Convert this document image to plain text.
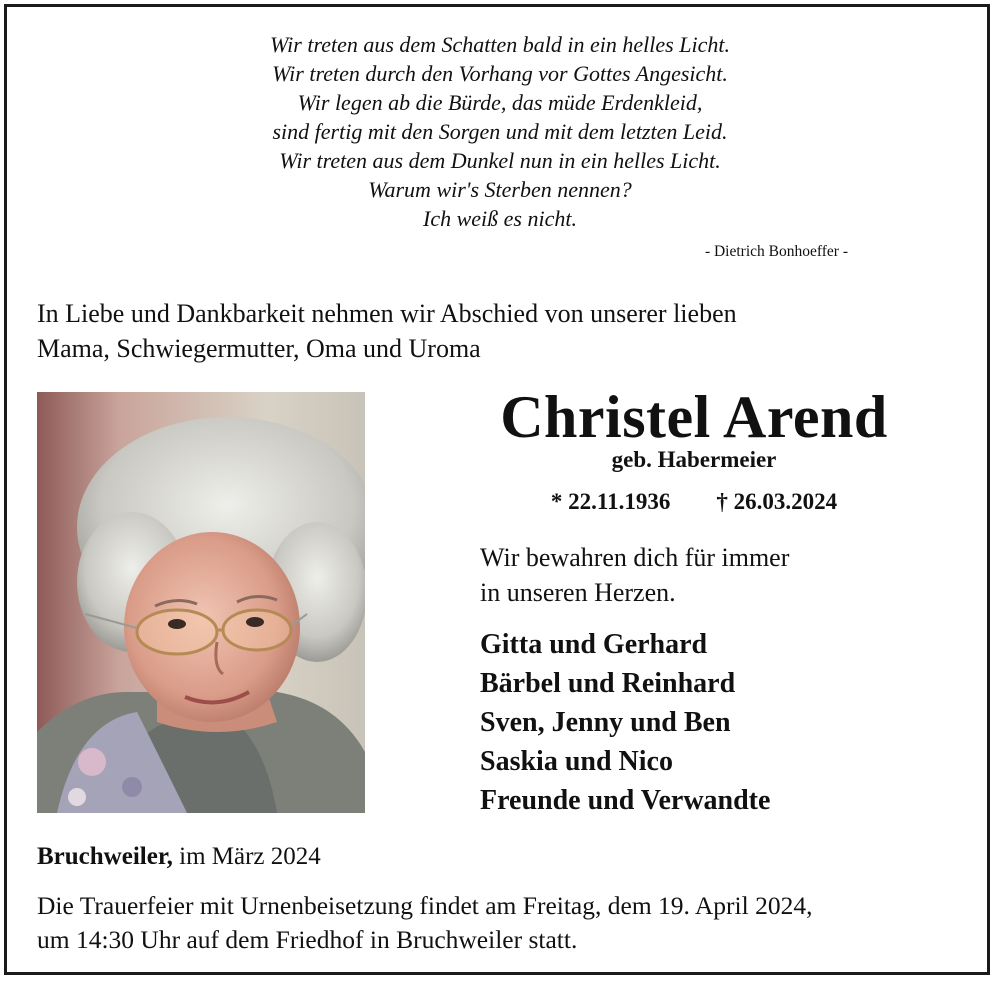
Wir treten aus dem Schatten bald in ein helles Licht.
Wir treten durch den Vorhang vor Gottes Angesicht.
Wir legen ab die Bürde, das müde Erdenkleid,
sind fertig mit den Sorgen und mit dem letzten Leid.
Wir treten aus dem Dunkel nun in ein helles Licht.
Warum wir's Sterben nennen?
Ich weiß es nicht.
- Dietrich Bonhoeffer -
In Liebe und Dankbarkeit nehmen wir Abschied von unserer lieben
Mama, Schwiegermutter, Oma und Uroma
Christel Arend
geb. Habermeier
* 22.11.1936 † 26.03.2024
Wir bewahren dich für immer
in unseren Herzen.
Gitta und Gerhard
Bärbel und Reinhard
Sven, Jenny und Ben
Saskia und Nico
Freunde und Verwandte
Bruchweiler, im März 2024
Die Trauerfeier mit Urnenbeisetzung findet am Freitag, dem 19. April 2024,
um 14:30 Uhr auf dem Friedhof in Bruchweiler statt.
